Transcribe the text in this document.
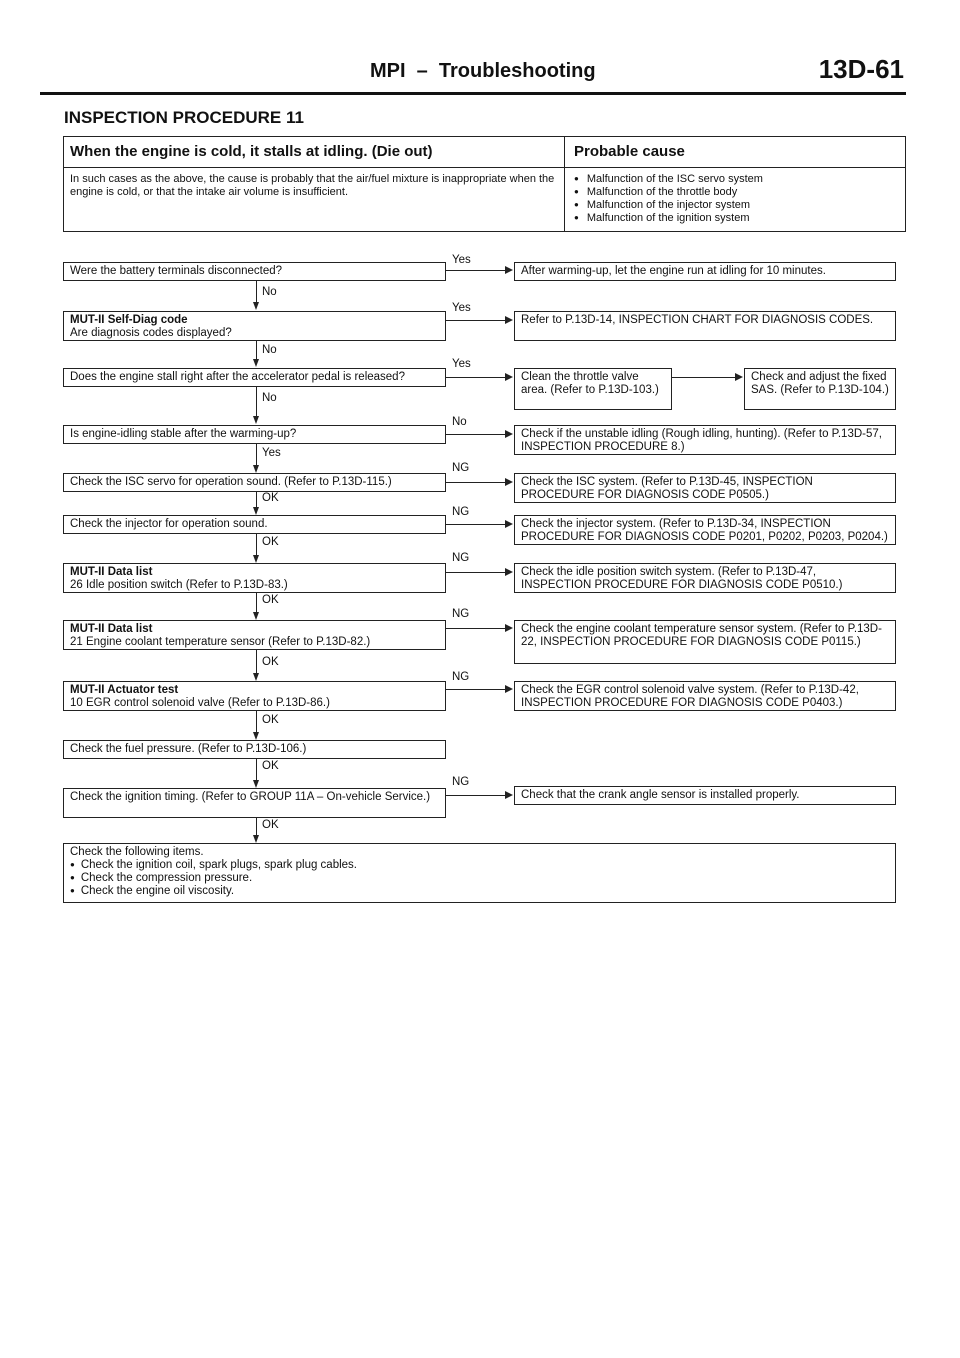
MPI  –  Troubleshooting	13D-61
INSPECTION PROCEDURE 11
When the engine is cold, it stalls at idling. (Die out)	Probable cause
In such cases as the above, the cause is probably that the air/fuel mixture is inappropriate when the engine is cold, or that the intake air volume is insufficient.
● Malfunction of the ISC servo system
● Malfunction of the throttle body
● Malfunction of the injector system
● Malfunction of the ignition system
Were the battery terminals disconnected?
Yes
After warming-up, let the engine run at idling for 10 minutes.
No
MUT-II Self-Diag code
Are diagnosis codes displayed?
Yes
Refer to P.13D-14, INSPECTION CHART FOR DIAGNOSIS CODES.
No
Does the engine stall right after the accelerator pedal is released?
Yes
Clean the throttle valve area. (Refer to P.13D-103.)
Check and adjust the fixed SAS. (Refer to P.13D-104.)
No
Is engine-idling stable after the warming-up?
No
Check if the unstable idling (Rough idling, hunting). (Refer to P.13D-57, INSPECTION PROCEDURE 8.)
Yes
Check the ISC servo for operation sound. (Refer to P.13D-115.)
NG
Check the ISC system. (Refer to P.13D-45, INSPECTION PROCEDURE FOR DIAGNOSIS CODE P0505.)
OK
Check the injector for operation sound.
NG
Check the injector system. (Refer to P.13D-34, INSPECTION PROCEDURE FOR DIAGNOSIS CODE P0201, P0202, P0203, P0204.)
OK
MUT-II Data list
26 Idle position switch (Refer to P.13D-83.)
NG
Check the idle position switch system. (Refer to P.13D-47, INSPECTION PROCEDURE FOR DIAGNOSIS CODE P0510.)
OK
MUT-II Data list
21 Engine coolant temperature sensor (Refer to P.13D-82.)
NG
Check the engine coolant temperature sensor system. (Refer to P.13D-22, INSPECTION PROCEDURE FOR DIAGNOSIS CODE P0115.)
OK
MUT-II Actuator test
10 EGR control solenoid valve (Refer to P.13D-86.)
NG
Check the EGR control solenoid valve system. (Refer to P.13D-42, INSPECTION PROCEDURE FOR DIAGNOSIS CODE P0403.)
OK
Check the fuel pressure. (Refer to P.13D-106.)
OK
Check the ignition timing. (Refer to GROUP 11A – On-vehicle Service.)
NG
Check that the crank angle sensor is installed properly.
OK
Check the following items.
● Check the ignition coil, spark plugs, spark plug cables.
● Check the compression pressure.
● Check the engine oil viscosity.
